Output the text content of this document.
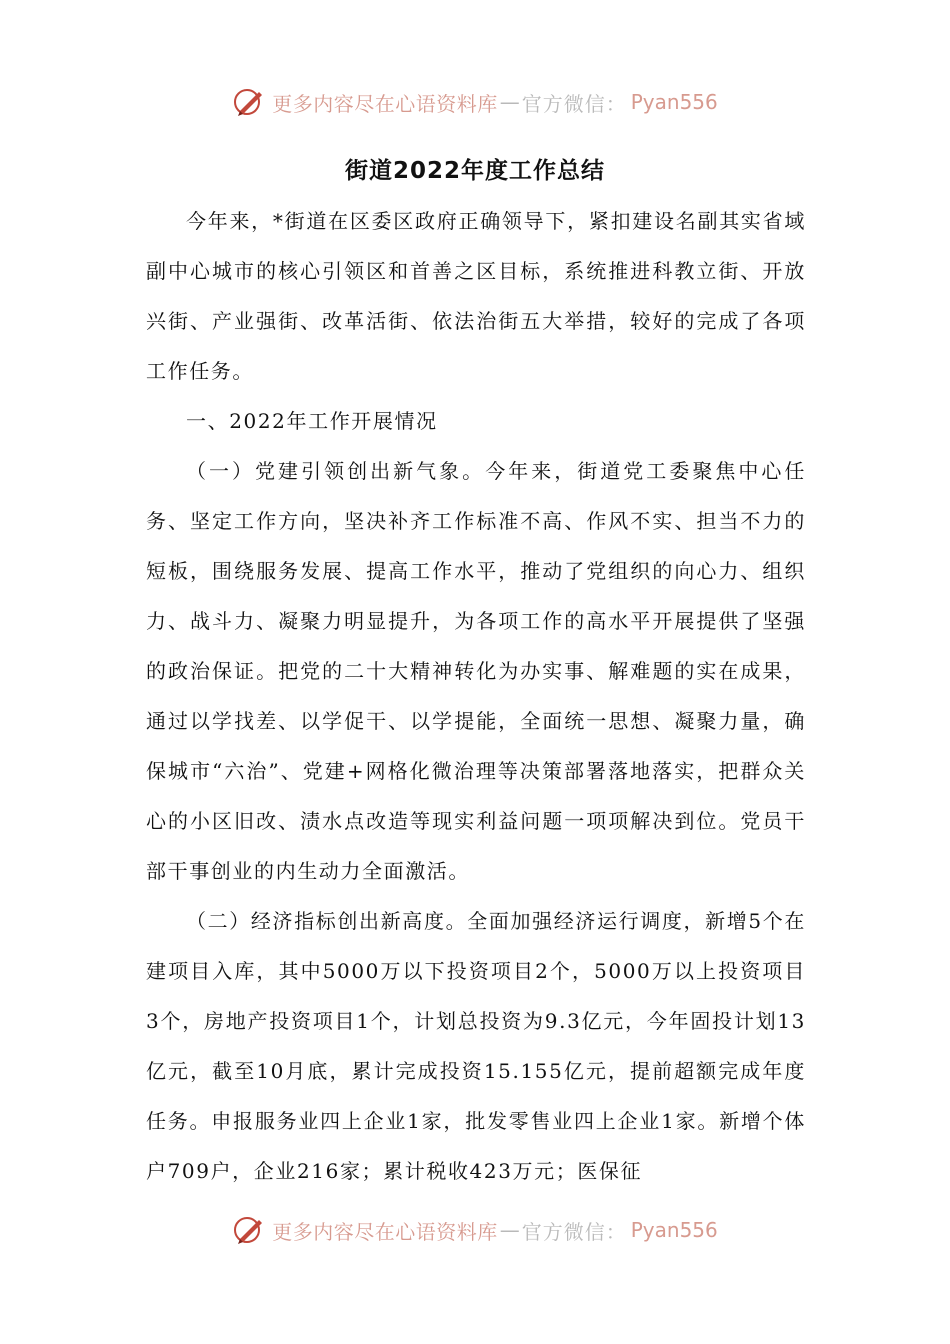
更多内容尽在心语资料库 — 官方微信： Pyan556
街道2022年度工作总结

今年来，*街道在区委区政府正确领导下，紧扣建设名副其实省域副中心城市的核心引领区和首善之区目标，系统推进科教立街、开放兴街、产业强街、改革活街、依法治街五大举措，较好的完成了各项工作任务。

一、2022年工作开展情况

（一）党建引领创出新气象。今年来，街道党工委聚焦中心任务、坚定工作方向，坚决补齐工作标准不高、作风不实、担当不力的短板，围绕服务发展、提高工作水平，推动了党组织的向心力、组织力、战斗力、凝聚力明显提升，为各项工作的高水平开展提供了坚强的政治保证。把党的二十大精神转化为办实事、解难题的实在成果，通过以学找差、以学促干、以学提能，全面统一思想、凝聚力量，确保城市“六治”、党建+网格化微治理等决策部署落地落实，把群众关心的小区旧改、渍水点改造等现实利益问题一项项解决到位。党员干部干事创业的内生动力全面激活。

（二）经济指标创出新高度。全面加强经济运行调度，新增5个在建项目入库，其中5000万以下投资项目2个，5000万以上投资项目3个，房地产投资项目1个，计划总投资为9.3亿元，今年固投计划13亿元，截至10月底，累计完成投资15.155亿元，提前超额完成年度任务。申报服务业四上企业1家，批发零售业四上企业1家。新增个体户709户，企业216家；累计税收423万元；医保征

更多内容尽在心语资料库 — 官方微信： Pyan556
